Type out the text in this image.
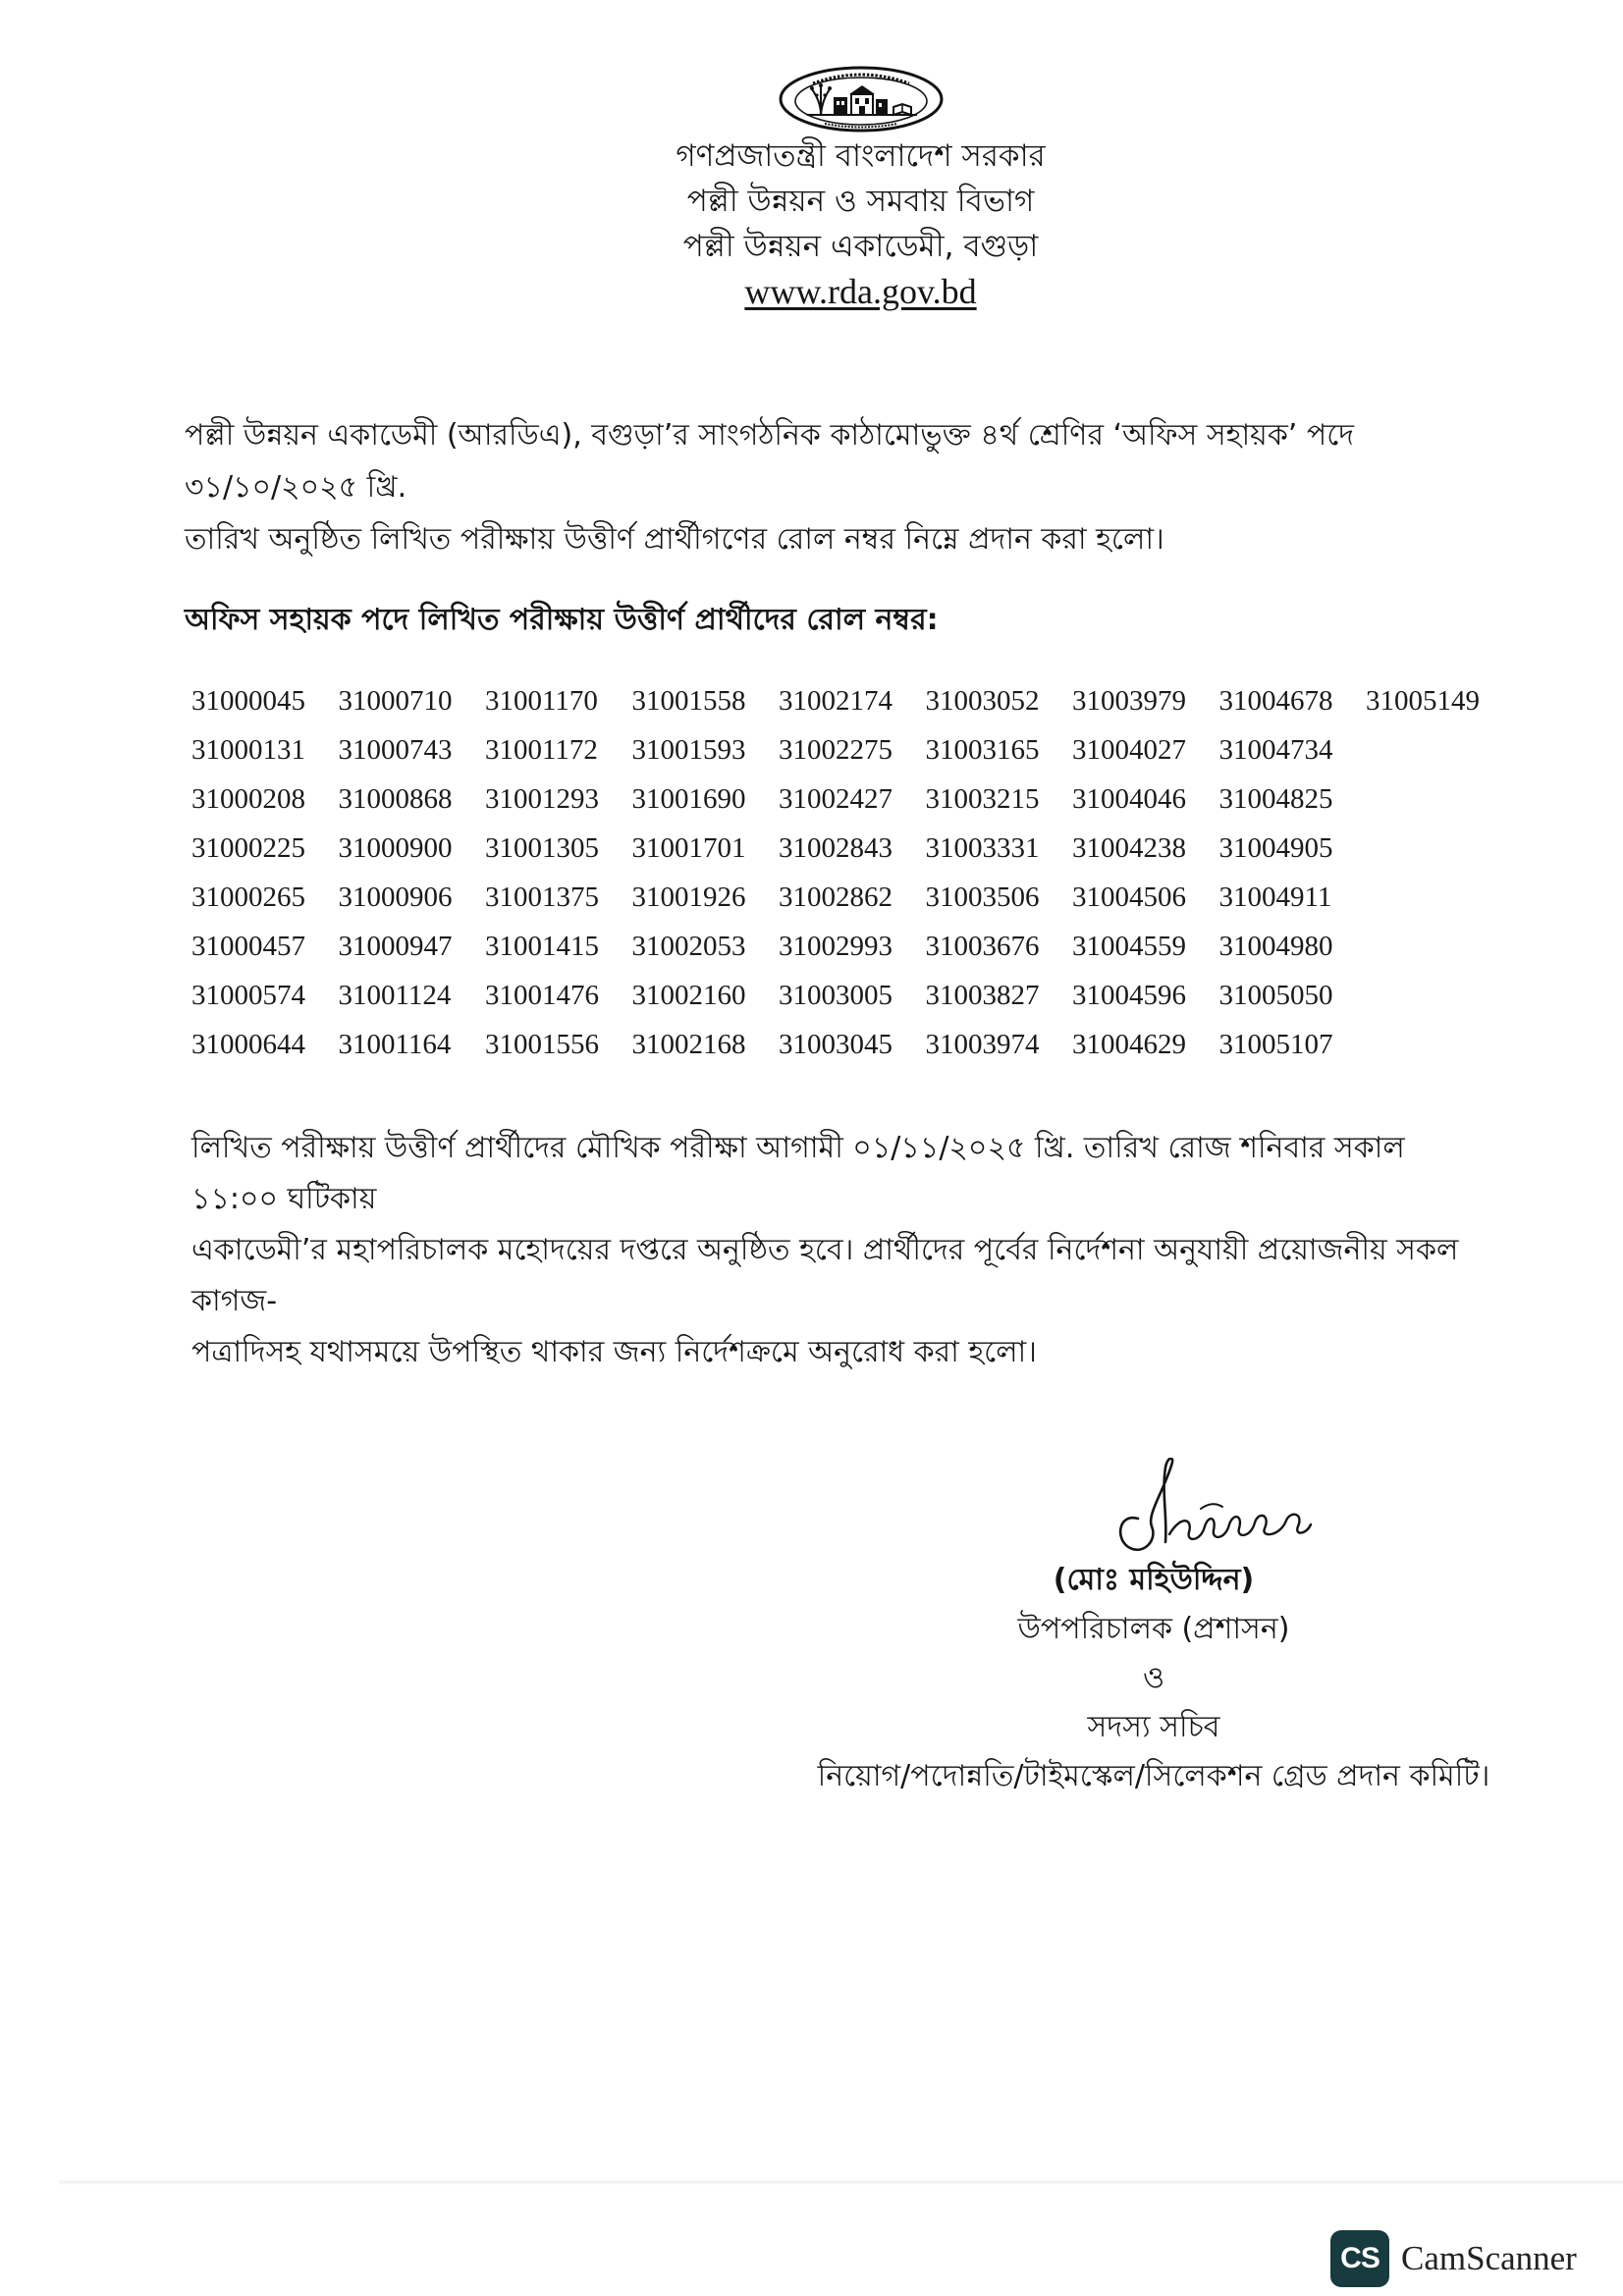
গণপ্রজাতন্ত্রী বাংলাদেশ সরকার
পল্লী উন্নয়ন ও সমবায় বিভাগ
পল্লী উন্নয়ন একাডেমী, বগুড়া
www.rda.gov.bd
পল্লী উন্নয়ন একাডেমী (আরডিএ), বগুড়া’র সাংগঠনিক কাঠামোভুক্ত ৪র্থ শ্রেণির ‘অফিস সহায়ক’ পদে ৩১/১০/২০২৫ খ্রি.
তারিখ অনুষ্ঠিত লিখিত পরীক্ষায় উত্তীর্ণ প্রার্থীগণের রোল নম্বর নিম্নে প্রদান করা হলো।
অফিস সহায়ক পদে লিখিত পরীক্ষায় উত্তীর্ণ প্রার্থীদের রোল নম্বর:
31000045	31000710	31001170	31001558	31002174	31003052	31003979	31004678	31005149
31000131	31000743	31001172	31001593	31002275	31003165	31004027	31004734
31000208	31000868	31001293	31001690	31002427	31003215	31004046	31004825
31000225	31000900	31001305	31001701	31002843	31003331	31004238	31004905
31000265	31000906	31001375	31001926	31002862	31003506	31004506	31004911
31000457	31000947	31001415	31002053	31002993	31003676	31004559	31004980
31000574	31001124	31001476	31002160	31003005	31003827	31004596	31005050
31000644	31001164	31001556	31002168	31003045	31003974	31004629	31005107
লিখিত পরীক্ষায় উত্তীর্ণ প্রার্থীদের মৌখিক পরীক্ষা আগামী ০১/১১/২০২৫ খ্রি. তারিখ রোজ শনিবার সকাল ১১:০০ ঘটিকায়
একাডেমী’র মহাপরিচালক মহোদয়ের দপ্তরে অনুষ্ঠিত হবে। প্রার্থীদের পূর্বের নির্দেশনা অনুযায়ী প্রয়োজনীয় সকল কাগজ-
পত্রাদিসহ যথাসময়ে উপস্থিত থাকার জন্য নির্দেশক্রমে অনুরোধ করা হলো।
(মোঃ মহিউদ্দিন)
উপপরিচালক (প্রশাসন)
ও
সদস্য সচিব
নিয়োগ/পদোন্নতি/টাইমস্কেল/সিলেকশন গ্রেড প্রদান কমিটি।
CS CamScanner
